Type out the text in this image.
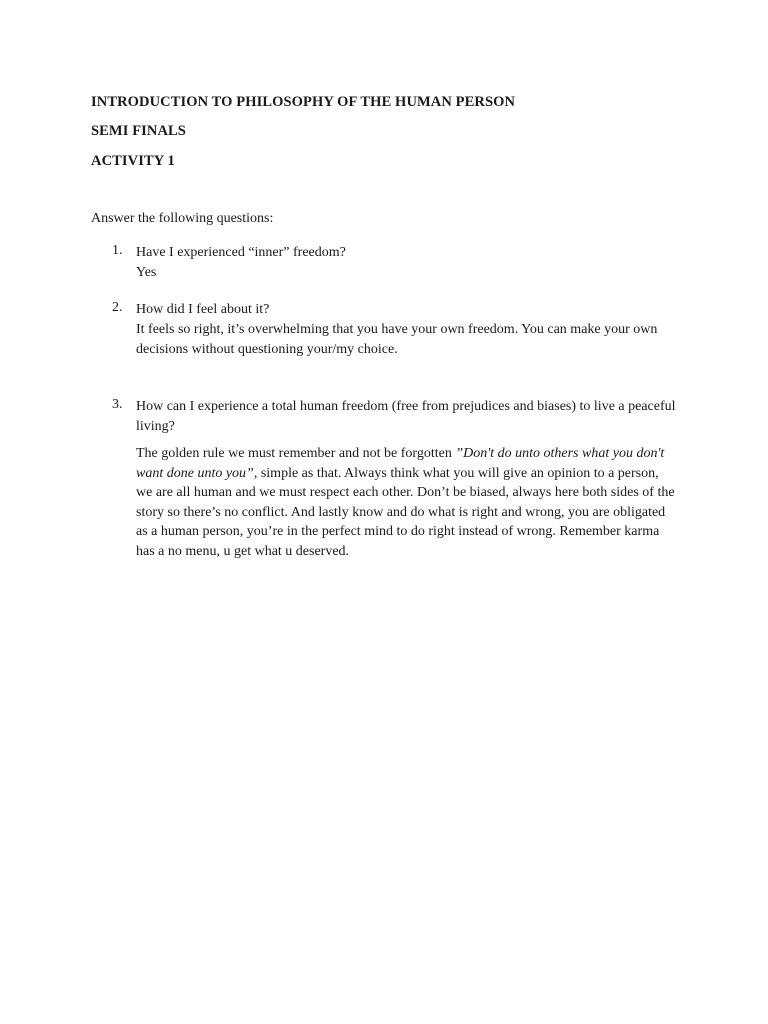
INTRODUCTION TO PHILOSOPHY OF THE HUMAN PERSON
SEMI FINALS
ACTIVITY 1
Answer the following questions:
1. Have I experienced “inner” freedom?
Yes
2. How did I feel about it?
It feels so right, it’s overwhelming that you have your own freedom. You can make your own decisions without questioning your/my choice.
3. How can I experience a total human freedom (free from prejudices and biases) to live a peaceful living?
The golden rule we must remember and not be forgotten ”Don't do unto others what you don't want done unto you”, simple as that. Always think what you will give an opinion to a person, we are all human and we must respect each other. Don’t be biased, always here both sides of the story so there’s no conflict. And lastly know and do what is right and wrong, you are obligated as a human person, you’re in the perfect mind to do right instead of wrong. Remember karma has a no menu, u get what u deserved.
